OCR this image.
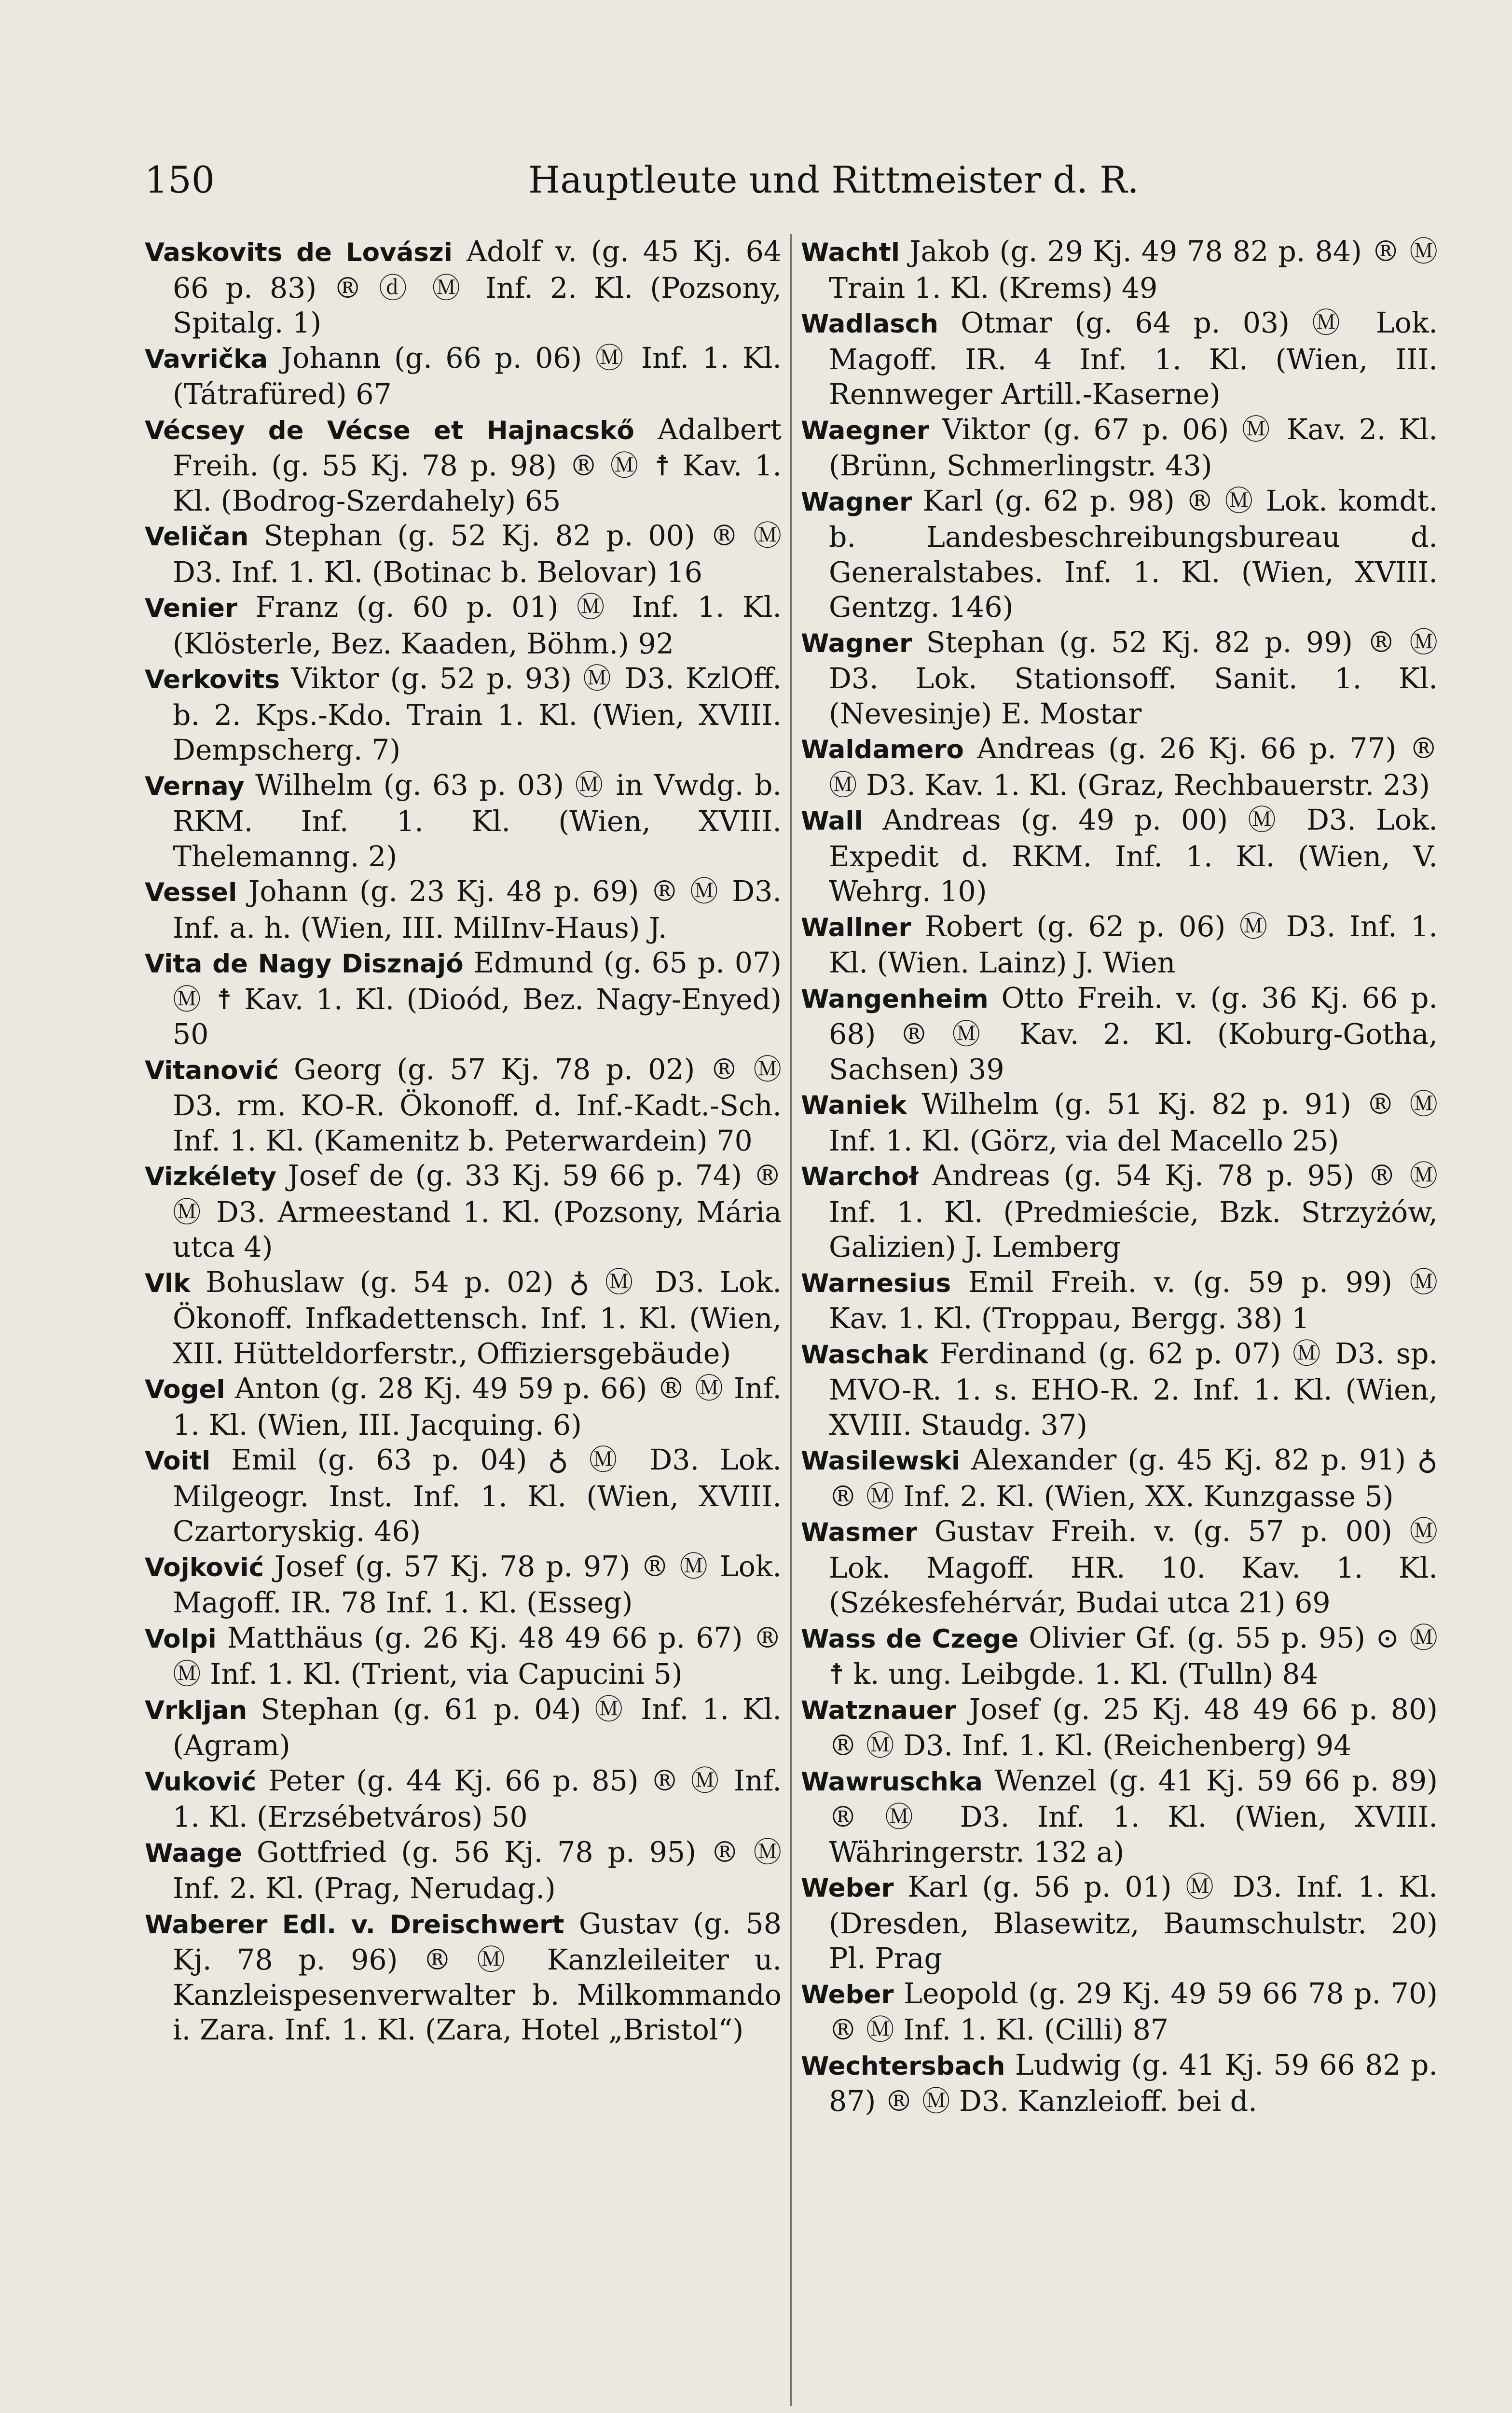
150	Hauptleute und Rittmeister d. R.

Vaskovits de Lovászi Adolf v. (g. 45 Kj. 64 66 p. 83) ® ⓓ Ⓜ Inf. 2. Kl. (Pozsony, Spitalg. 1)

Vavrička Johann (g. 66 p. 06) Ⓜ Inf. 1. Kl. (Tátrafüred) 67

Vécsey de Vécse et Hajnacskő Adalbert Freih. (g. 55 Kj. 78 p. 98) ® Ⓜ ☨ Kav. 1. Kl. (Bodrog-Szerdahely) 65

Veličan Stephan (g. 52 Kj. 82 p. 00) ® Ⓜ D3. Inf. 1. Kl. (Botinac b. Belovar) 16

Venier Franz (g. 60 p. 01) Ⓜ Inf. 1. Kl. (Klösterle, Bez. Kaaden, Böhm.) 92

Verkovits Viktor (g. 52 p. 93) Ⓜ D3. KzlOff. b. 2. Kps.-Kdo. Train 1. Kl. (Wien, XVIII. Dempscherg. 7)

Vernay Wilhelm (g. 63 p. 03) Ⓜ in Vwdg. b. RKM. Inf. 1. Kl. (Wien, XVIII. Thelemanng. 2)

Vessel Johann (g. 23 Kj. 48 p. 69) ® Ⓜ D3. Inf. a. h. (Wien, III. MilInv-Haus) J.

Vita de Nagy Disznajó Edmund (g. 65 p. 07) Ⓜ ☨ Kav. 1. Kl. (Dioód, Bez. Nagy-Enyed) 50

Vitanović Georg (g. 57 Kj. 78 p. 02) ® Ⓜ D3. rm. KO-R. Ökonoff. d. Inf.-Kadt.-Sch. Inf. 1. Kl. (Kamenitz b. Peterwardein) 70

Vizkélety Josef de (g. 33 Kj. 59 66 p. 74) ® Ⓜ D3. Armeestand 1. Kl. (Pozsony, Mária utca 4)

Vlk Bohuslaw (g. 54 p. 02) ♁ Ⓜ D3. Lok. Ökonoff. Infkadettensch. Inf. 1. Kl. (Wien, XII. Hütteldorferstr., Offiziersgebäude)

Vogel Anton (g. 28 Kj. 49 59 p. 66) ® Ⓜ Inf. 1. Kl. (Wien, III. Jacquing. 6)

Voitl Emil (g. 63 p. 04) ♁ Ⓜ D3. Lok. Milgeogr. Inst. Inf. 1. Kl. (Wien, XVIII. Czartoryskig. 46)

Vojković Josef (g. 57 Kj. 78 p. 97) ® Ⓜ Lok. Magoff. IR. 78 Inf. 1. Kl. (Esseg)

Volpi Matthäus (g. 26 Kj. 48 49 66 p. 67) ® Ⓜ Inf. 1. Kl. (Trient, via Capucini 5)

Vrkljan Stephan (g. 61 p. 04) Ⓜ Inf. 1. Kl. (Agram)

Vuković Peter (g. 44 Kj. 66 p. 85) ® Ⓜ Inf. 1. Kl. (Erzsébetváros) 50

Waage Gottfried (g. 56 Kj. 78 p. 95) ® Ⓜ Inf. 2. Kl. (Prag, Nerudag.)

Waberer Edl. v. Dreischwert Gustav (g. 58 Kj. 78 p. 96) ® Ⓜ Kanzleileiter u. Kanzleispesenverwalter b. Milkommando i. Zara. Inf. 1. Kl. (Zara, Hotel „Bristol“)

Wachtl Jakob (g. 29 Kj. 49 78 82 p. 84) ® Ⓜ Train 1. Kl. (Krems) 49

Wadlasch Otmar (g. 64 p. 03) Ⓜ Lok. Magoff. IR. 4 Inf. 1. Kl. (Wien, III. Rennweger Artill.-Kaserne)

Waegner Viktor (g. 67 p. 06) Ⓜ Kav. 2. Kl. (Brünn, Schmerlingstr. 43)

Wagner Karl (g. 62 p. 98) ® Ⓜ Lok. komdt. b. Landesbeschreibungsbureau d. Generalstabes. Inf. 1. Kl. (Wien, XVIII. Gentzg. 146)

Wagner Stephan (g. 52 Kj. 82 p. 99) ® Ⓜ D3. Lok. Stationsoff. Sanit. 1. Kl. (Nevesinje) E. Mostar

Waldamero Andreas (g. 26 Kj. 66 p. 77) ® Ⓜ D3. Kav. 1. Kl. (Graz, Rechbauerstr. 23)

Wall Andreas (g. 49 p. 00) Ⓜ D3. Lok. Expedit d. RKM. Inf. 1. Kl. (Wien, V. Wehrg. 10)

Wallner Robert (g. 62 p. 06) Ⓜ D3. Inf. 1. Kl. (Wien. Lainz) J. Wien

Wangenheim Otto Freih. v. (g. 36 Kj. 66 p. 68) ® Ⓜ Kav. 2. Kl. (Koburg-Gotha, Sachsen) 39

Waniek Wilhelm (g. 51 Kj. 82 p. 91) ® Ⓜ Inf. 1. Kl. (Görz, via del Macello 25)

Warchoł Andreas (g. 54 Kj. 78 p. 95) ® Ⓜ Inf. 1. Kl. (Predmieście, Bzk. Strzyżów, Galizien) J. Lemberg

Warnesius Emil Freih. v. (g. 59 p. 99) Ⓜ Kav. 1. Kl. (Troppau, Bergg. 38) 1

Waschak Ferdinand (g. 62 p. 07) Ⓜ D3. sp. MVO-R. 1. s. EHO-R. 2. Inf. 1. Kl. (Wien, XVIII. Staudg. 37)

Wasilewski Alexander (g. 45 Kj. 82 p. 91) ♁ ® Ⓜ Inf. 2. Kl. (Wien, XX. Kunzgasse 5)

Wasmer Gustav Freih. v. (g. 57 p. 00) Ⓜ Lok. Magoff. HR. 10. Kav. 1. Kl. (Székesfehérvár, Budai utca 21) 69

Wass de Czege Olivier Gf. (g. 55 p. 95) ⊙ Ⓜ ☨ k. ung. Leibgde. 1. Kl. (Tulln) 84

Watznauer Josef (g. 25 Kj. 48 49 66 p. 80) ® Ⓜ D3. Inf. 1. Kl. (Reichenberg) 94

Wawruschka Wenzel (g. 41 Kj. 59 66 p. 89) ® Ⓜ D3. Inf. 1. Kl. (Wien, XVIII. Währingerstr. 132 a)

Weber Karl (g. 56 p. 01) Ⓜ D3. Inf. 1. Kl. (Dresden, Blasewitz, Baumschulstr. 20) Pl. Prag

Weber Leopold (g. 29 Kj. 49 59 66 78 p. 70) ® Ⓜ Inf. 1. Kl. (Cilli) 87

Wechtersbach Ludwig (g. 41 Kj. 59 66 82 p. 87) ® Ⓜ D3. Kanzleioff. bei d.
